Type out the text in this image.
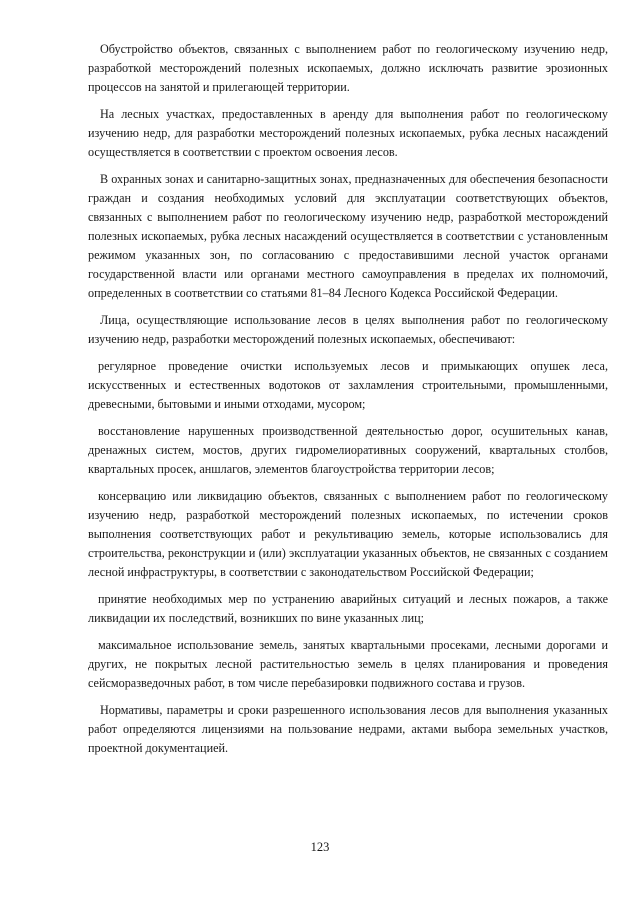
Обустройство объектов, связанных с выполнением работ по геологическому изучению недр, разработкой месторождений полезных ископаемых, должно исключать развитие эрозионных процессов на занятой и прилегающей территории.

На лесных участках, предоставленных в аренду для выполнения работ по геологическому изучению недр, для разработки месторождений полезных ископаемых, рубка лесных насаждений осуществляется в соответствии с проектом освоения лесов.

В охранных зонах и санитарно-защитных зонах, предназначенных для обеспечения безопасности граждан и создания необходимых условий для эксплуатации соответствующих объектов, связанных с выполнением работ по геологическому изучению недр, разработкой месторождений полезных ископаемых, рубка лесных насаждений осуществляется в соответствии с установленным режимом указанных зон, по согласованию с предоставившими лесной участок органами государственной власти или органами местного самоуправления в пределах их полномочий, определенных в соответствии со статьями 81–84 Лесного Кодекса Российской Федерации.

Лица, осуществляющие использование лесов в целях выполнения работ по геологическому изучению недр, разработки месторождений полезных ископаемых, обеспечивают:

регулярное проведение очистки используемых лесов и примыкающих опушек леса, искусственных и естественных водотоков от захламления строительными, промышленными, древесными, бытовыми и иными отходами, мусором;

восстановление нарушенных производственной деятельностью дорог, осушительных канав, дренажных систем, мостов, других гидромелиоративных сооружений, квартальных столбов, квартальных просек, аншлагов, элементов благоустройства территории лесов;

консервацию или ликвидацию объектов, связанных с выполнением работ по геологическому изучению недр, разработкой месторождений полезных ископаемых, по истечении сроков выполнения соответствующих работ и рекультивацию земель, которые использовались для строительства, реконструкции и (или) эксплуатации указанных объектов, не связанных с созданием лесной инфраструктуры, в соответствии с законодательством Российской Федерации;

принятие необходимых мер по устранению аварийных ситуаций и лесных пожаров, а также ликвидации их последствий, возникших по вине указанных лиц;

максимальное использование земель, занятых квартальными просеками, лесными дорогами и других, не покрытых лесной растительностью земель в целях планирования и проведения сейсморазведочных работ, в том числе перебазировки подвижного состава и грузов.

Нормативы, параметры и сроки разрешенного использования лесов для выполнения указанных работ определяются лицензиями на пользование недрами, актами выбора земельных участков, проектной документацией.

123
